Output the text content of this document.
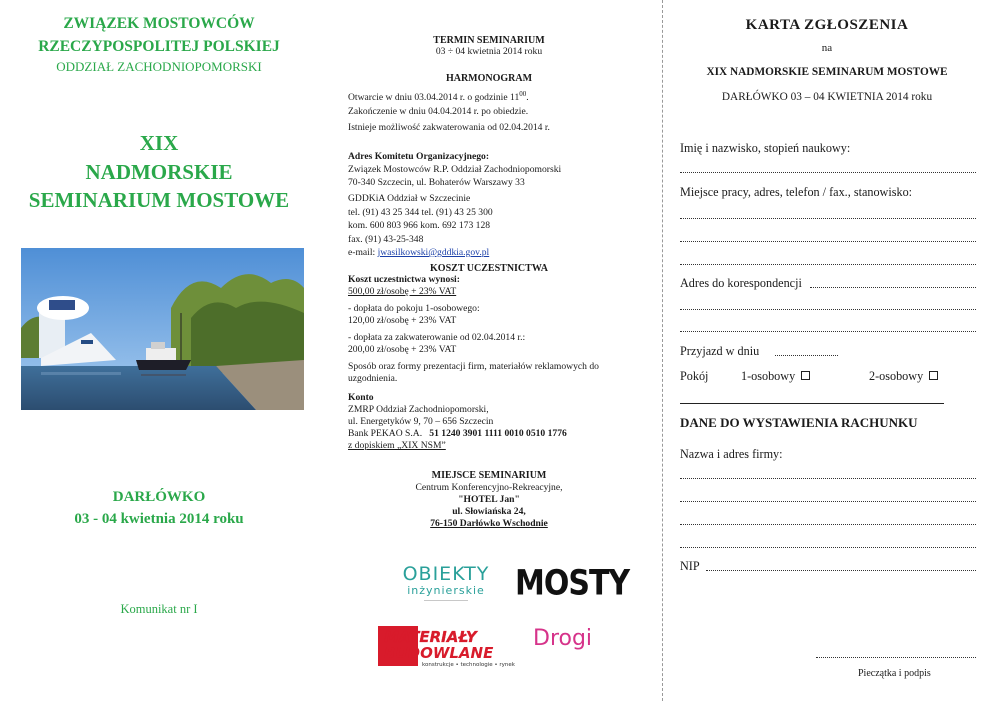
ZWIĄZEK MOSTOWCÓW
RZECZYPOSPOLITEJ POLSKIEJ
ODDZIAŁ ZACHODNIOPOMORSKI
XIX
NADMORSKIE
SEMINARIUM MOSTOWE
DARŁÓWKO
03 - 04 kwietnia 2014 roku
Komunikat nr I
TERMIN SEMINARIUM
03 ÷ 04 kwietnia 2014 roku
HARMONOGRAM
Otwarcie w dniu 03.04.2014 r. o godzinie $11^{00}$.
Zakończenie w dniu 04.04.2014 r. po obiedzie.
Istnieje możliwość zakwaterowania od 02.04.2014 r.
Adres Komitetu Organizacyjnego:
Związek Mostowców R.P. Oddział Zachodniopomorski
70-340 Szczecin, ul. Bohaterów Warszawy 33
GDDKiA Oddział w Szczecinie
tel. (91) 43 25 344 tel. (91) 43 25 300
kom. 600 803 966 kom. 692 173 128
fax. (91) 43-25-348
e-mail: jwasilkowski@gddkia.gov.pl
KOSZT UCZESTNICTWA
Koszt uczestnictwa wynosi:
500,00 zł/osobę + 23% VAT
- dopłata do pokoju 1-osobowego:
120,00 zł/osobę + 23% VAT
- dopłata za zakwaterowanie od 02.04.2014 r.:
200,00 zł/osobę + 23% VAT
Sposób oraz formy prezentacji firm, materiałów reklamowych do
uzgodnienia.
Konto
ZMRP Oddział Zachodniopomorski,
ul. Energetyków 9, 70 – 656 Szczecin
Bank PEKAO S.A. 51 1240 3901 1111 0010 0510 1776
z dopiskiem „XIX NSM”
MIEJSCE SEMINARIUM
Centrum Konferencyjno-Rekreacyjne,
"HOTEL Jan"
ul. Słowiańska 24,
76-150 Darłówko Wschodnie
OBIEKTY
inżynierskie	MOSTY
MATERIAŁY
BUDOWLANE
konstrukcje • technologie • rynek
Drogi
KARTA ZGŁOSZENIA
na
XIX NADMORSKIE SEMINARUM MOSTOWE
DARŁÓWKO 03 – 04 KWIETNIA 2014 roku
Imię i nazwisko, stopień naukowy:
Miejsce pracy, adres, telefon / fax., stanowisko:
Adres do korespondencji
Przyjazd w dniu
Pokój	1-osobowy	2-osobowy
DANE DO WYSTAWIENIA RACHUNKU
Nazwa i adres firmy:
NIP
Pieczątka i podpis
